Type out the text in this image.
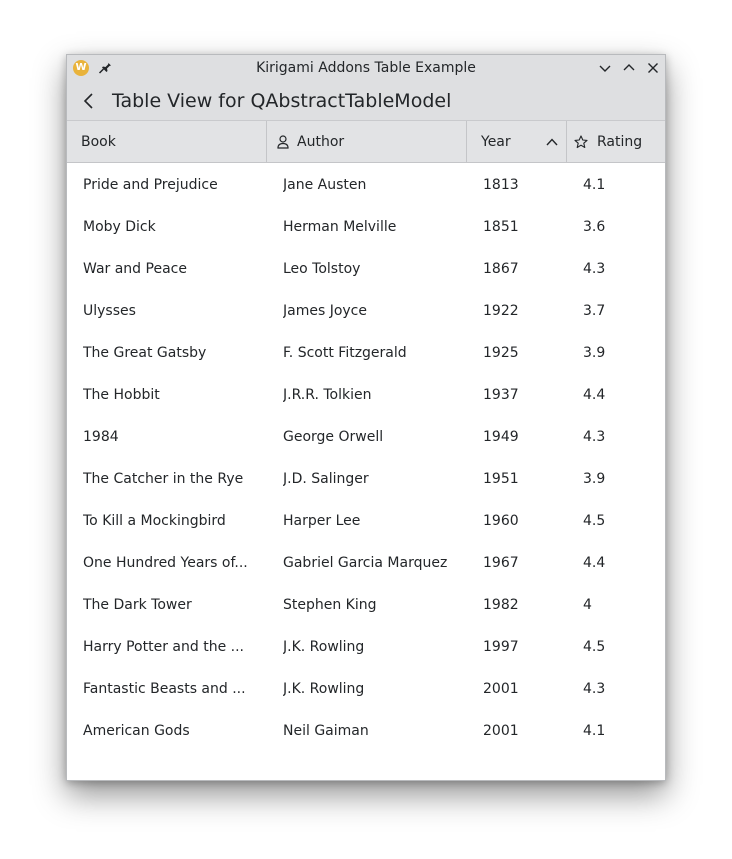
W	Kirigami Addons Table Example
Table View for QAbstractTableModel
Book	Author	Year	Rating
Pride and Prejudice	Jane Austen	1813	4.1
Moby Dick	Herman Melville	1851	3.6
War and Peace	Leo Tolstoy	1867	4.3
Ulysses	James Joyce	1922	3.7
The Great Gatsby	F. Scott Fitzgerald	1925	3.9
The Hobbit	J.R.R. Tolkien	1937	4.4
1984	George Orwell	1949	4.3
The Catcher in the Rye	J.D. Salinger	1951	3.9
To Kill a Mockingbird	Harper Lee	1960	4.5
One Hundred Years of...	Gabriel Garcia Marquez	1967	4.4
The Dark Tower	Stephen King	1982	4
Harry Potter and the ...	J.K. Rowling	1997	4.5
Fantastic Beasts and ...	J.K. Rowling	2001	4.3
American Gods	Neil Gaiman	2001	4.1
